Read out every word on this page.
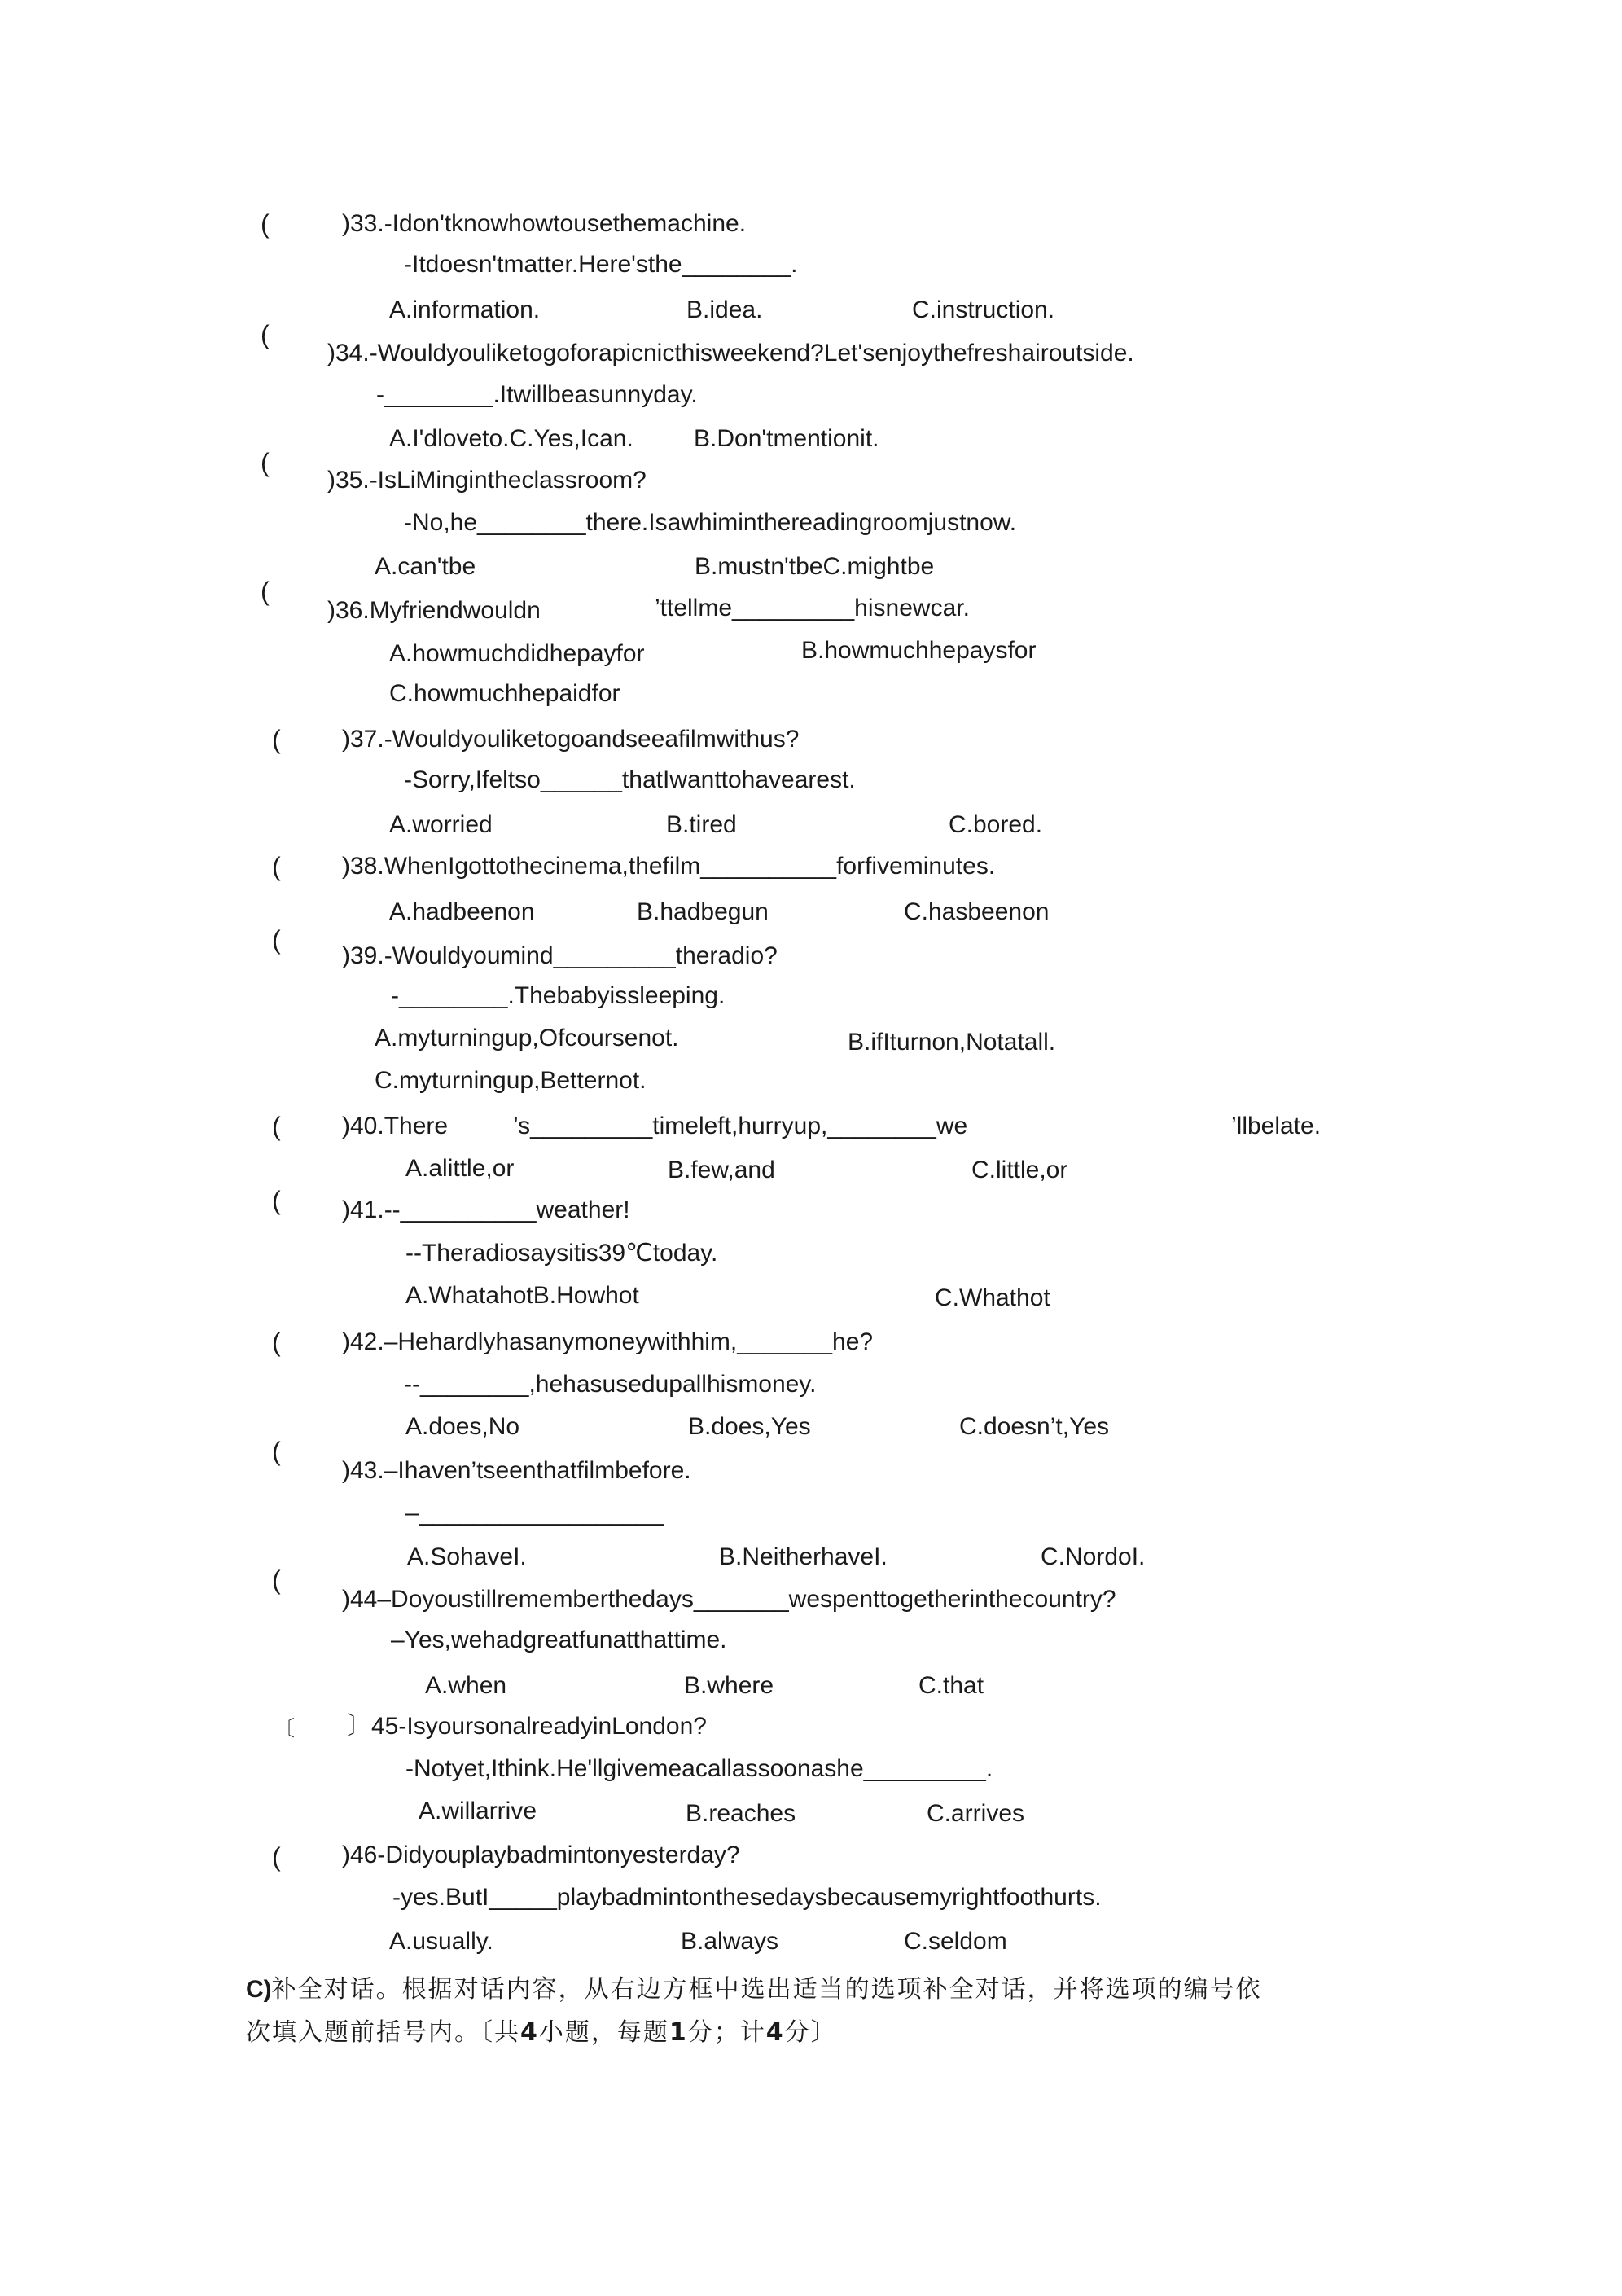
(	)33.-Idon'tknowhowtousethemachine.
-Itdoesn'tmatter.Here'sthe________.
A.information.	B.idea.	C.instruction.
(
)34.-Wouldyouliketogoforapicnicthisweekend?Let'senjoythefreshairoutside.
-________.Itwillbeasunnyday.
A.I'dloveto.C.Yes,Ican. B.Don'tmentionit.
(
)35.-IsLiMingintheclassroom?
-No,he________there.Isawhiminthereadingroomjustnow.
A.can'tbe	B.mustn'tbeC.mightbe
(
)36.Myfriendwouldn	’ttellme_________hisnewcar.
A.howmuchdidhepayfor	B.howmuchhepaysfor
C.howmuchhepaidfor
(	)37.-Wouldyouliketogoandseeafilmwithus?
-Sorry,Ifeltso______thatIwanttohavearest.
A.worried	B.tired	C.bored.
(	)38.WhenIgottothecinema,thefilm__________forfiveminutes.
A.hadbeenon	B.hadbegun	C.hasbeenon
(
)39.-Wouldyoumind_________theradio?
-________.Thebabyissleeping.
A.myturningup,Ofcoursenot.	B.ifIturnon,Notatall.
C.myturningup,Betternot.
(	)40.There	’s_________timeleft,hurryup,________we	’llbelate.
A.alittle,or	B.few,and	C.little,or
(	)41.--__________weather!
--Theradiosaysitis39℃today.
A.WhatahotB.Howhot	C.Whathot
(	)42.–Hehardlyhasanymoneywithhim,_______he?
--________,hehasusedupallhismoney.
A.does,No	B.does,Yes	C.doesn’t,Yes
(
)43.–Ihaven’tseenthatfilmbefore.
–__________________
A.SohaveI.	B.NeitherhaveI.	C.NordoI.
(
)44–Doyoustillrememberthedays_______wespenttogetherinthecountry?
–Yes,wehadgreatfunatthattime.
A.when	B.where	C.that
〔 〕45-IsyoursonalreadyinLondon?
-Notyet,Ithink.He'llgivemeacallassoonashe_________.
A.willarrive	B.reaches	C.arrives
(	)46-Didyouplaybadmintonyesterday?
-yes.ButI_____playbadmintonthesedaysbecausemyrightfoothurts.
A.usually.	B.always	C.seldom
C)补全对话。根据对话内容，从右边方框中选出适当的选项补全对话，并将选项的编号依
次填入题前括号内。〔共4小题，每题1分；计4分〕
